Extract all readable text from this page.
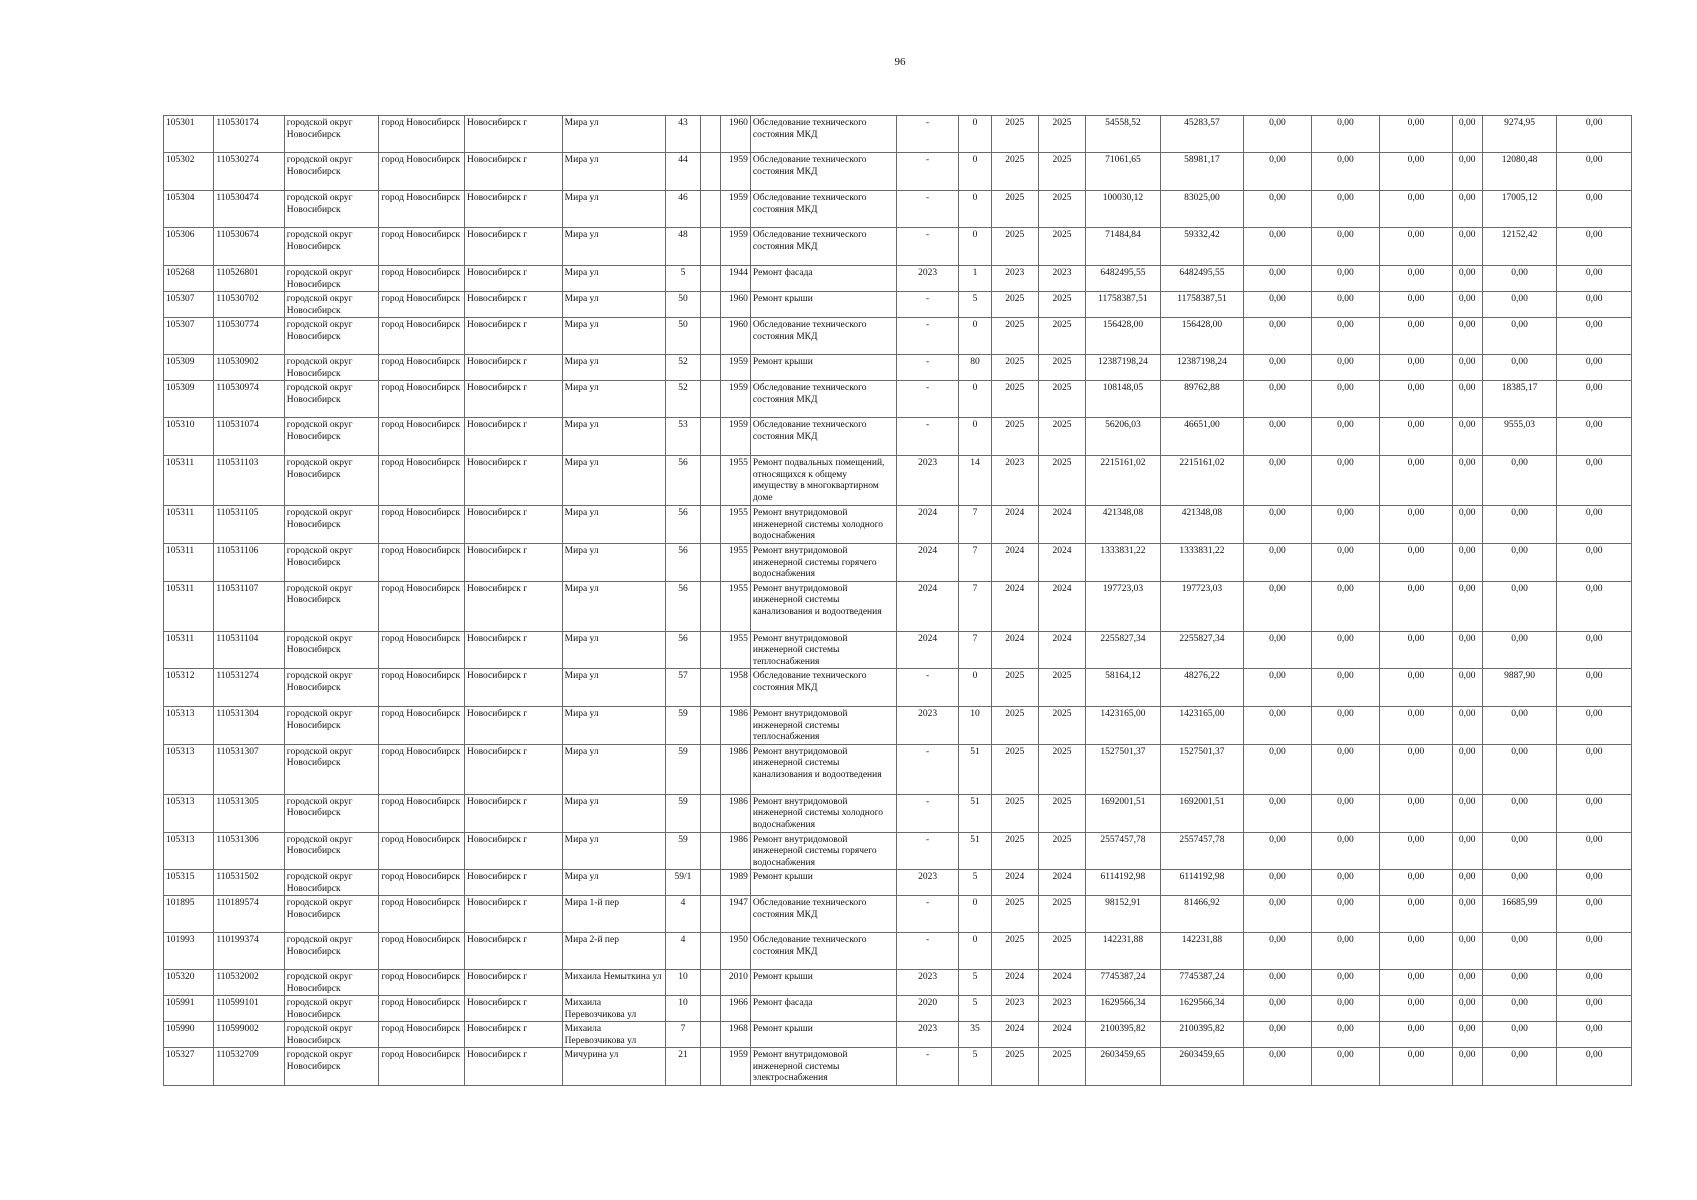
96
105301	110530174	городской округ Новосибирск	город Новосибирск	Новосибирск г	Мира ул	43		1960	Обследование технического состояния МКД	-	0	2025	2025	54558,52	45283,57	0,00	0,00	0,00	0,00	9274,95	0,00
105302	110530274	городской округ Новосибирск	город Новосибирск	Новосибирск г	Мира ул	44		1959	Обследование технического состояния МКД	-	0	2025	2025	71061,65	58981,17	0,00	0,00	0,00	0,00	12080,48	0,00
105304	110530474	городской округ Новосибирск	город Новосибирск	Новосибирск г	Мира ул	46		1959	Обследование технического состояния МКД	-	0	2025	2025	100030,12	83025,00	0,00	0,00	0,00	0,00	17005,12	0,00
105306	110530674	городской округ Новосибирск	город Новосибирск	Новосибирск г	Мира ул	48		1959	Обследование технического состояния МКД	-	0	2025	2025	71484,84	59332,42	0,00	0,00	0,00	0,00	12152,42	0,00
105268	110526801	городской округ Новосибирск	город Новосибирск	Новосибирск г	Мира ул	5		1944	Ремонт фасада	2023	1	2023	2023	6482495,55	6482495,55	0,00	0,00	0,00	0,00	0,00	0,00
105307	110530702	городской округ Новосибирск	город Новосибирск	Новосибирск г	Мира ул	50		1960	Ремонт крыши	-	5	2025	2025	11758387,51	11758387,51	0,00	0,00	0,00	0,00	0,00	0,00
105307	110530774	городской округ Новосибирск	город Новосибирск	Новосибирск г	Мира ул	50		1960	Обследование технического состояния МКД	-	0	2025	2025	156428,00	156428,00	0,00	0,00	0,00	0,00	0,00	0,00
105309	110530902	городской округ Новосибирск	город Новосибирск	Новосибирск г	Мира ул	52		1959	Ремонт крыши	-	80	2025	2025	12387198,24	12387198,24	0,00	0,00	0,00	0,00	0,00	0,00
105309	110530974	городской округ Новосибирск	город Новосибирск	Новосибирск г	Мира ул	52		1959	Обследование технического состояния МКД	-	0	2025	2025	108148,05	89762,88	0,00	0,00	0,00	0,00	18385,17	0,00
105310	110531074	городской округ Новосибирск	город Новосибирск	Новосибирск г	Мира ул	53		1959	Обследование технического состояния МКД	-	0	2025	2025	56206,03	46651,00	0,00	0,00	0,00	0,00	9555,03	0,00
105311	110531103	городской округ Новосибирск	город Новосибирск	Новосибирск г	Мира ул	56		1955	Ремонт подвальных помещений, относящихся к общему имуществу в многоквартирном доме	2023	14	2023	2025	2215161,02	2215161,02	0,00	0,00	0,00	0,00	0,00	0,00
105311	110531105	городской округ Новосибирск	город Новосибирск	Новосибирск г	Мира ул	56		1955	Ремонт внутридомовой инженерной системы холодного водоснабжения	2024	7	2024	2024	421348,08	421348,08	0,00	0,00	0,00	0,00	0,00	0,00
105311	110531106	городской округ Новосибирск	город Новосибирск	Новосибирск г	Мира ул	56		1955	Ремонт внутридомовой инженерной системы горячего водоснабжения	2024	7	2024	2024	1333831,22	1333831,22	0,00	0,00	0,00	0,00	0,00	0,00
105311	110531107	городской округ Новосибирск	город Новосибирск	Новосибирск г	Мира ул	56		1955	Ремонт внутридомовой инженерной системы канализования и водоотведения	2024	7	2024	2024	197723,03	197723,03	0,00	0,00	0,00	0,00	0,00	0,00
105311	110531104	городской округ Новосибирск	город Новосибирск	Новосибирск г	Мира ул	56		1955	Ремонт внутридомовой инженерной системы теплоснабжения	2024	7	2024	2024	2255827,34	2255827,34	0,00	0,00	0,00	0,00	0,00	0,00
105312	110531274	городской округ Новосибирск	город Новосибирск	Новосибирск г	Мира ул	57		1958	Обследование технического состояния МКД	-	0	2025	2025	58164,12	48276,22	0,00	0,00	0,00	0,00	9887,90	0,00
105313	110531304	городской округ Новосибирск	город Новосибирск	Новосибирск г	Мира ул	59		1986	Ремонт внутридомовой инженерной системы теплоснабжения	2023	10	2025	2025	1423165,00	1423165,00	0,00	0,00	0,00	0,00	0,00	0,00
105313	110531307	городской округ Новосибирск	город Новосибирск	Новосибирск г	Мира ул	59		1986	Ремонт внутридомовой инженерной системы канализования и водоотведения	-	51	2025	2025	1527501,37	1527501,37	0,00	0,00	0,00	0,00	0,00	0,00
105313	110531305	городской округ Новосибирск	город Новосибирск	Новосибирск г	Мира ул	59		1986	Ремонт внутридомовой инженерной системы холодного водоснабжения	-	51	2025	2025	1692001,51	1692001,51	0,00	0,00	0,00	0,00	0,00	0,00
105313	110531306	городской округ Новосибирск	город Новосибирск	Новосибирск г	Мира ул	59		1986	Ремонт внутридомовой инженерной системы горячего водоснабжения	-	51	2025	2025	2557457,78	2557457,78	0,00	0,00	0,00	0,00	0,00	0,00
105315	110531502	городской округ Новосибирск	город Новосибирск	Новосибирск г	Мира ул	59/1		1989	Ремонт крыши	2023	5	2024	2024	6114192,98	6114192,98	0,00	0,00	0,00	0,00	0,00	0,00
101895	110189574	городской округ Новосибирск	город Новосибирск	Новосибирск г	Мира 1-й пер	4		1947	Обследование технического состояния МКД	-	0	2025	2025	98152,91	81466,92	0,00	0,00	0,00	0,00	16685,99	0,00
101993	110199374	городской округ Новосибирск	город Новосибирск	Новосибирск г	Мира 2-й пер	4		1950	Обследование технического состояния МКД	-	0	2025	2025	142231,88	142231,88	0,00	0,00	0,00	0,00	0,00	0,00
105320	110532002	городской округ Новосибирск	город Новосибирск	Новосибирск г	Михаила Немыткина ул	10		2010	Ремонт крыши	2023	5	2024	2024	7745387,24	7745387,24	0,00	0,00	0,00	0,00	0,00	0,00
105991	110599101	городской округ Новосибирск	город Новосибирск	Новосибирск г	Михаила Перевозчикова ул	10		1966	Ремонт фасада	2020	5	2023	2023	1629566,34	1629566,34	0,00	0,00	0,00	0,00	0,00	0,00
105990	110599002	городской округ Новосибирск	город Новосибирск	Новосибирск г	Михаила Перевозчикова ул	7		1968	Ремонт крыши	2023	35	2024	2024	2100395,82	2100395,82	0,00	0,00	0,00	0,00	0,00	0,00
105327	110532709	городской округ Новосибирск	город Новосибирск	Новосибирск г	Мичурина ул	21		1959	Ремонт внутридомовой инженерной системы электроснабжения	-	5	2025	2025	2603459,65	2603459,65	0,00	0,00	0,00	0,00	0,00	0,00
